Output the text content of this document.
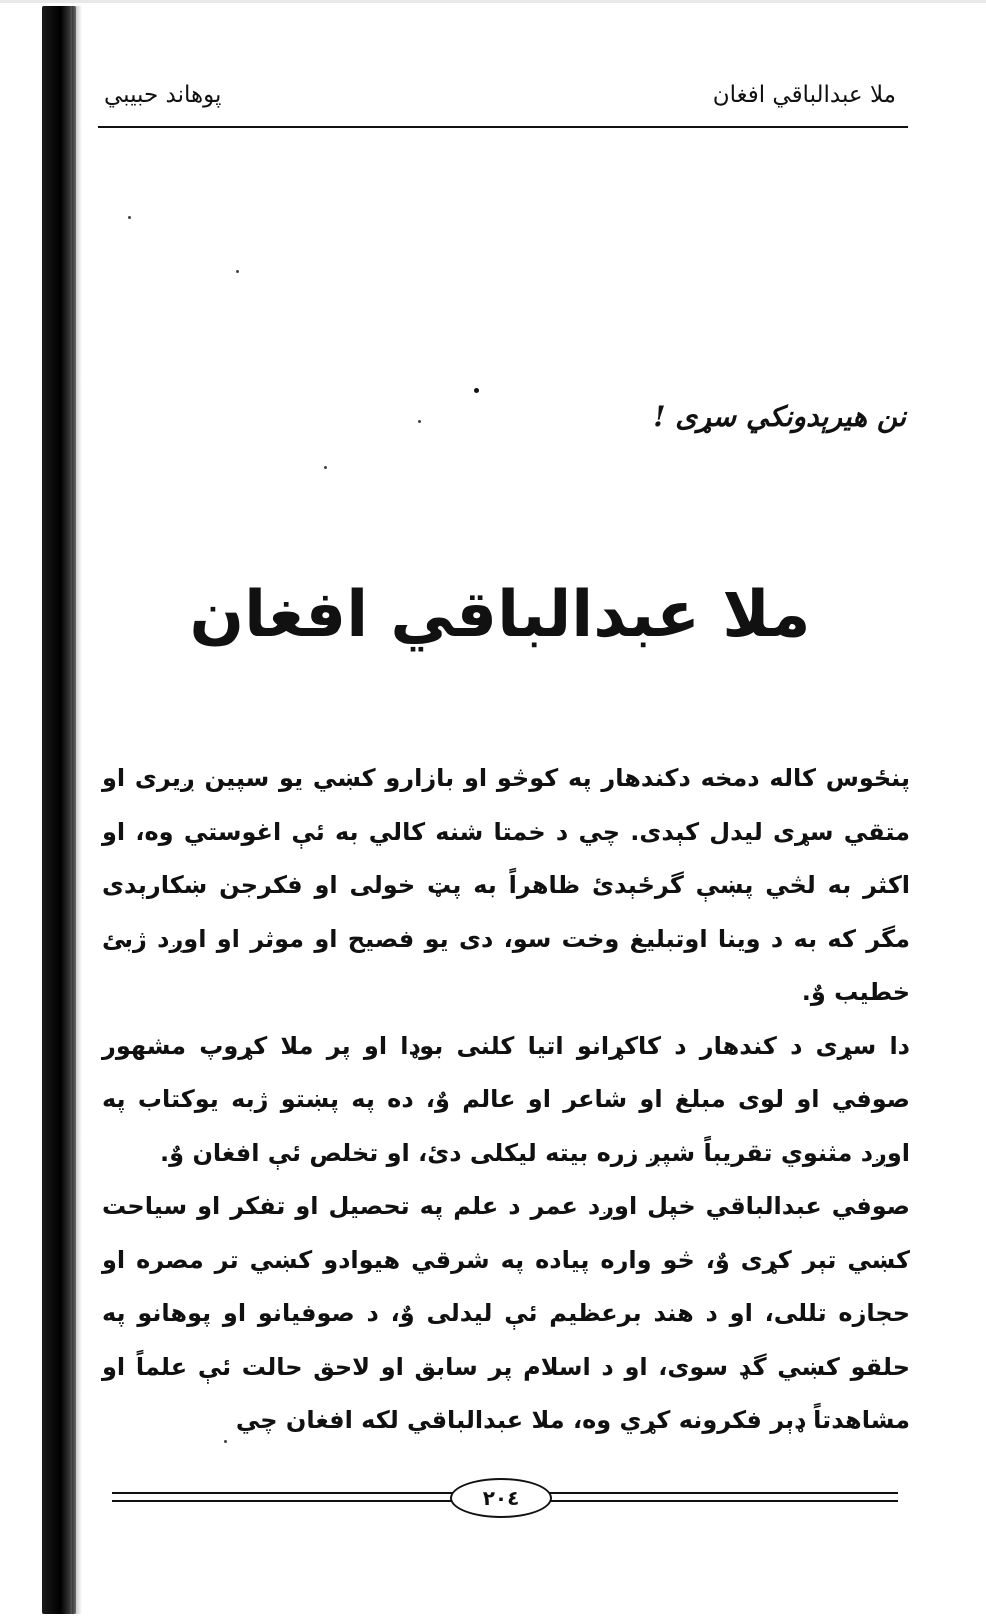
ملا عبدالباقي افغان
پوهاند حبيبي
نن هيرېدونكي سړی !
ملا عبدالباقي افغان

پنځوس کاله دمخه دکندهار په کوڅو او بازارو کښي يو سپين ږيری او متقي سړی ليدل کېدی. چي د خمتا شنه کالي به ئې اغوستي وه، او اکثر به لڅي پښې گرځېدئ ظاهراً به پټ خولی او فکرجن ښکارېدی مگر که به د وينا اوتبليغ وخت سو، دی يو فصيح او موثر او اوږد ژبئ خطيب وٌ.

دا سړی د کندهار د کاکړانو اتيا کلنی بوډا او پر ملا کړوپ مشهور صوفي او لوی مبلغ او شاعر او عالم وٌ، ده په پښتو ژبه يوکتاب په اوږد مثنوي تقريباً شپږ زره بيته ليکلی دئ، او تخلص ئې افغان وٌ.

صوفي عبدالباقي خپل اوږد عمر د علم په تحصيل او تفکر او سياحت کښي تېر کړی وٌ، څو واره پياده په شرقي هيوادو کښي تر مصره او حجازه تللی، او د هند برعظيم ئې ليدلی وٌ، د صوفيانو او پوهانو په حلقو کښي گډ سوی، او د اسلام پر سابق او لاحق حالت ئې علماً او مشاهدتاً ډېر فکرونه کړي وه، ملا عبدالباقي لکه افغان چي

٢٠٤
